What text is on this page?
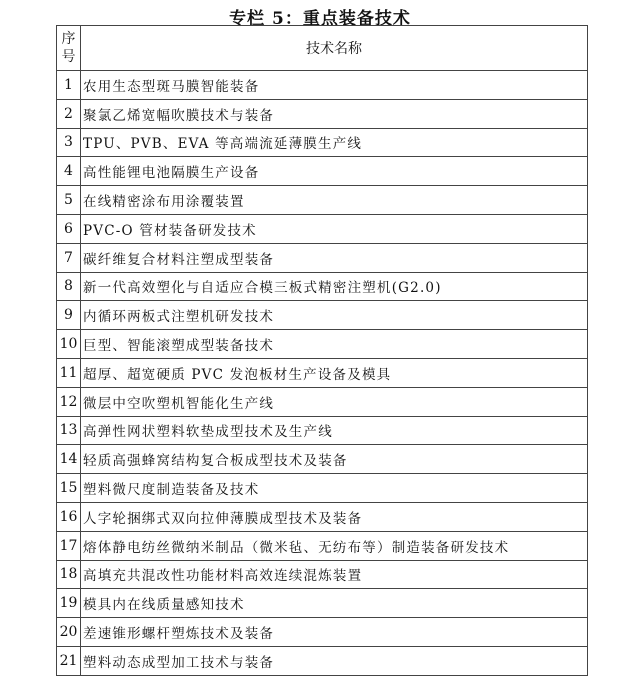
专栏 5：重点装备技术
序号	技术名称
1	农用生态型斑马膜智能装备
2	聚氯乙烯宽幅吹膜技术与装备
3	TPU、PVB、EVA 等高端流延薄膜生产线
4	高性能锂电池隔膜生产设备
5	在线精密涂布用涂覆装置
6	PVC-O 管材装备研发技术
7	碳纤维复合材料注塑成型装备
8	新一代高效塑化与自适应合模三板式精密注塑机(G2.0)
9	内循环两板式注塑机研发技术
10	巨型、智能滚塑成型装备技术
11	超厚、超宽硬质 PVC 发泡板材生产设备及模具
12	微层中空吹塑机智能化生产线
13	高弹性网状塑料软垫成型技术及生产线
14	轻质高强蜂窝结构复合板成型技术及装备
15	塑料微尺度制造装备及技术
16	人字轮捆绑式双向拉伸薄膜成型技术及装备
17	熔体静电纺丝微纳米制品（微米毡、无纺布等）制造装备研发技术
18	高填充共混改性功能材料高效连续混炼装置
19	模具内在线质量感知技术
20	差速锥形螺杆塑炼技术及装备
21	塑料动态成型加工技术与装备
